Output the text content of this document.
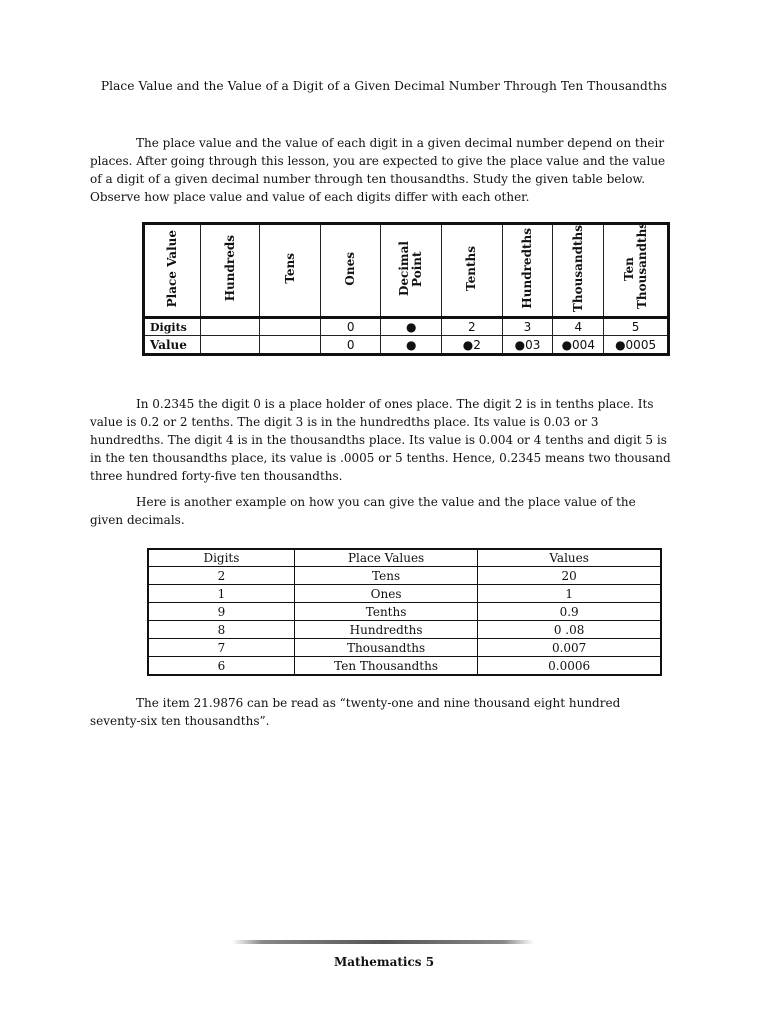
Place Value and the Value of a Digit of a Given Decimal Number Through Ten Thousandths

The place value and the value of each digit in a given decimal number depend on their places. After going through this lesson, you are expected to give the place value and the value of a digit of a given decimal number through ten thousandths. Study the given table below. Observe how place value and value of each digits differ with each other.

Place Value	Hundreds	Tens	Ones	Decimal Point	Tenths	Hundredths	Thousandths	Ten Thousandths
Digits			0	●	2	3	4	5
Value			0	●	●2	●03	●004	●0005

In 0.2345 the digit 0 is a place holder of ones place. The digit 2 is in tenths place. Its value is 0.2 or 2 tenths. The digit 3 is in the hundredths place. Its value is 0.03 or 3 hundredths. The digit 4 is in the thousandths place. Its value is 0.004 or 4 tenths and digit 5 is in the ten thousandths place, its value is .0005 or 5 tenths. Hence, 0.2345 means two thousand three hundred forty-five ten thousandths.

Here is another example on how you can give the value and the place value of the given decimals.

Digits	Place Values	Values
2	Tens	20
1	Ones	1
9	Tenths	0.9
8	Hundredths	0 .08
7	Thousandths	0.007
6	Ten Thousandths	0.0006

The item 21.9876 can be read as “twenty-one and nine thousand eight hundred seventy-six ten thousandths”.

Mathematics 5
